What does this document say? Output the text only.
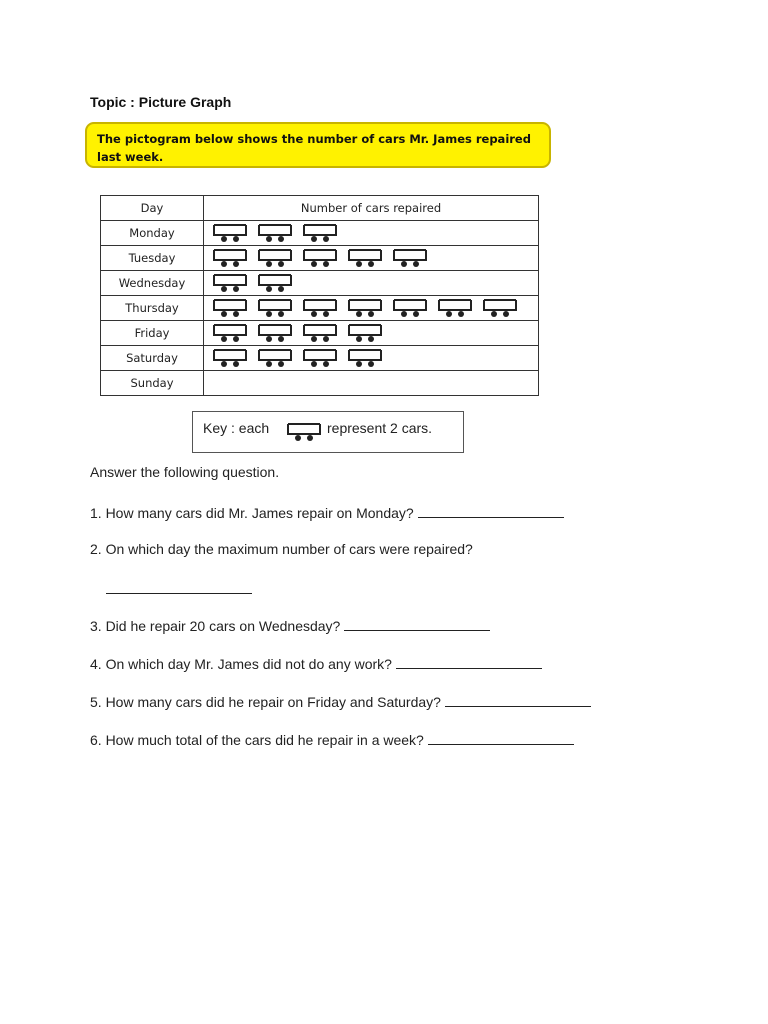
Topic : Picture Graph
The pictogram below shows the number of cars Mr. James repaired last week.
Day	Number of cars repaired
Monday	

Tuesday	

Wednesday	

Thursday	

Friday	

Saturday	

Sunday	
Key : each	represent 2 cars.
Answer the following question.
1. How many cars did Mr. James repair on Monday?
2. On which day the maximum number of cars were repaired?
3. Did he repair 20 cars on Wednesday?
4. On which day Mr. James did not do any work?
5. How many cars did he repair on Friday and Saturday?
6. How much total of the cars did he repair in a week?
